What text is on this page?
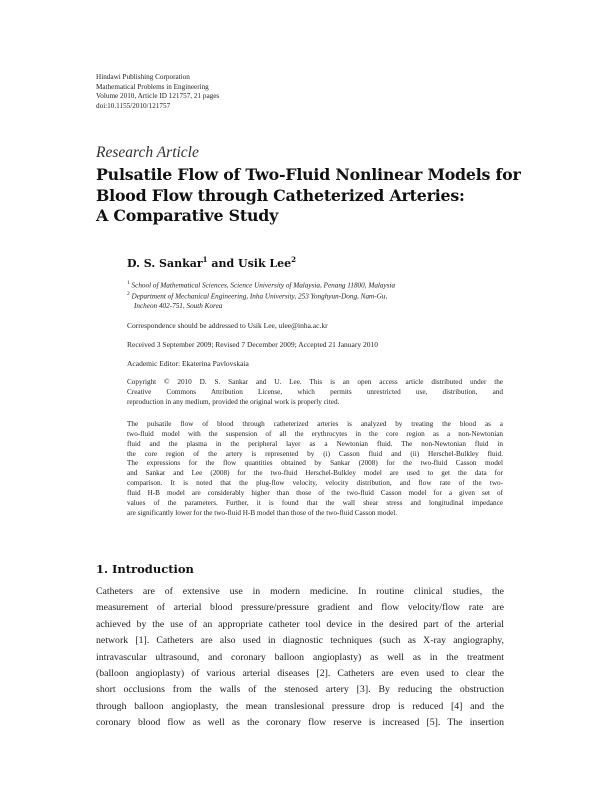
Hindawi Publishing Corporation
Mathematical Problems in Engineering
Volume 2010, Article ID 121757, 21 pages
doi:10.1155/2010/121757
Research Article
Pulsatile Flow of Two-Fluid Nonlinear Models for
Blood Flow through Catheterized Arteries:
A Comparative Study
D. S. Sankar$^1$ and Usik Lee$^2$
$^1$ School of Mathematical Sciences, Science University of Malaysia, Penang 11800, Malaysia
$^2$ Department of Mechanical Engineering, Inha University, 253 Yonghyun-Dong, Nam-Gu,
Incheon 402-751, South Korea
Correspondence should be addressed to Usik Lee, ulee@inha.ac.kr
Received 3 September 2009; Revised 7 December 2009; Accepted 21 January 2010
Academic Editor: Ekaterina Pavlovskaia
Copyright © 2010 D. S. Sankar and U. Lee. This is an open access article distributed under the
Creative Commons Attribution License, which permits unrestricted use, distribution, and
reproduction in any medium, provided the original work is properly cited.
The pulsatile flow of blood through catheterized arteries is analyzed by treating the blood as a
two-fluid model with the suspension of all the erythrocytes in the core region as a non-Newtonian
fluid and the plasma in the peripheral layer as a Newtonian fluid. The non-Newtonian fluid in
the core region of the artery is represented by (i) Casson fluid and (ii) Herschel-Bulkley fluid.
The expressions for the flow quantities obtained by Sankar (2008) for the two-fluid Casson model
and Sankar and Lee (2008) for the two-fluid Herschel-Bulkley model are used to get the data for
comparison. It is noted that the plug-flow velocity, velocity distribution, and flow rate of the two-
fluid H-B model are considerably higher than those of the two-fluid Casson model for a given set of
values of the parameters. Further, it is found that the wall shear stress and longitudinal impedance
are significantly lower for the two-fluid H-B model than those of the two-fluid Casson model.
1. Introduction
Catheters are of extensive use in modern medicine. In routine clinical studies, the
measurement of arterial blood pressure/pressure gradient and flow velocity/flow rate are
achieved by the use of an appropriate catheter tool device in the desired part of the arterial
network [1]. Catheters are also used in diagnostic techniques (such as X-ray angiography,
intravascular ultrasound, and coronary balloon angioplasty) as well as in the treatment
(balloon angioplasty) of various arterial diseases [2]. Catheters are even used to clear the
short occlusions from the walls of the stenosed artery [3]. By reducing the obstruction
through balloon angioplasty, the mean translesional pressure drop is reduced [4] and the
coronary blood flow as well as the coronary flow reserve is increased [5]. The insertion
